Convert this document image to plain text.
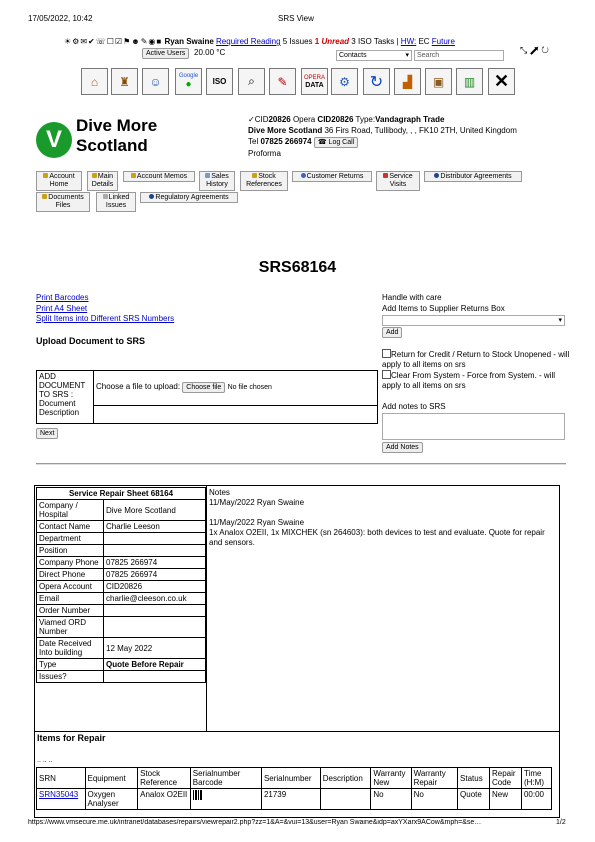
17/05/2022, 10:42	SRS View
☀⚙✉✔☏☐☑⚑☻✎◉■ Ryan Swaine Required Reading 5 Issues 1 Unread 3 ISO Tasks | HW: EC Future
Active Users	20.00 °C	Contacts	▾	Search
⤡ ⬈ ↻
⌂	♜	☺	Google
●	ISO	⌕	✎	OPERA
DATA	⚙	↻	▟	▣	▥	✕
V
Dive More
Scotland
✓CID20826 Opera CID20826 Type:Vandagraph Trade
Dive More Scotland 36 Firs Road, Tullibody, , , FK10 2TH, United Kingdom
Tel 07825 266974 ☎ Log Call
Proforma
Account Home
Main Details
Account Memos	Sales History
Stock References
Customer Returns	Service Visits
Distributor Agreements
Documents Files
Linked Issues
Regulatory Agreements
SRS68164
Print Barcodes
Print A4 Sheet
Split Items into Different SRS Numbers
Upload Document to SRS
ADD DOCUMENT TO SRS : Document Description	Choose a file to upload: Choose file No file chosen

Next
Handle with care
Add Items to Supplier Returns Box
▾
Add
Return for Credit / Return to Stock Unopened - will apply to all items on srs
Clear From System - Force from System. - will apply to all items on srs
Add notes to SRS
Add Notes
Service Repair Sheet 68164	
Company / Hospital	Dive More Scotland
Contact Name	Charlie Leeson
Department	
Position	
Company Phone	07825 266974
Direct Phone	07825 266974
Opera Account	CID20826
Email	charlie@cleeson.co.uk
Order Number	
Viamed ORD Number	
Date Received Into building	12 May 2022
Type	Quote Before Repair
Issues?	
Notes
11/May/2022 Ryan Swaine
11/May/2022 Ryan Swaine
1x Analox O2EII, 1x MIXCHEK (sn 264603): both devices to test and evaluate. Quote for repair and sensors.
Items for Repair
.. .. ..
SRN	Equipment	Stock Reference	Serialnumber Barcode	Serialnumber	Description	Warranty New	Warranty Repair	Status	Repair Code	Time (H:M)
SRN35043	Oxygen Analyser	Analox O2EII		21739		No	No	Quote	New	00:00
https://www.vmsecure.me.uk/intranet/databases/repairs/viewrepair2.php?zz=1&A=&vui=13&user=Ryan Swaine&idp=axYXarx9ACow&mph=&se…	1/2
